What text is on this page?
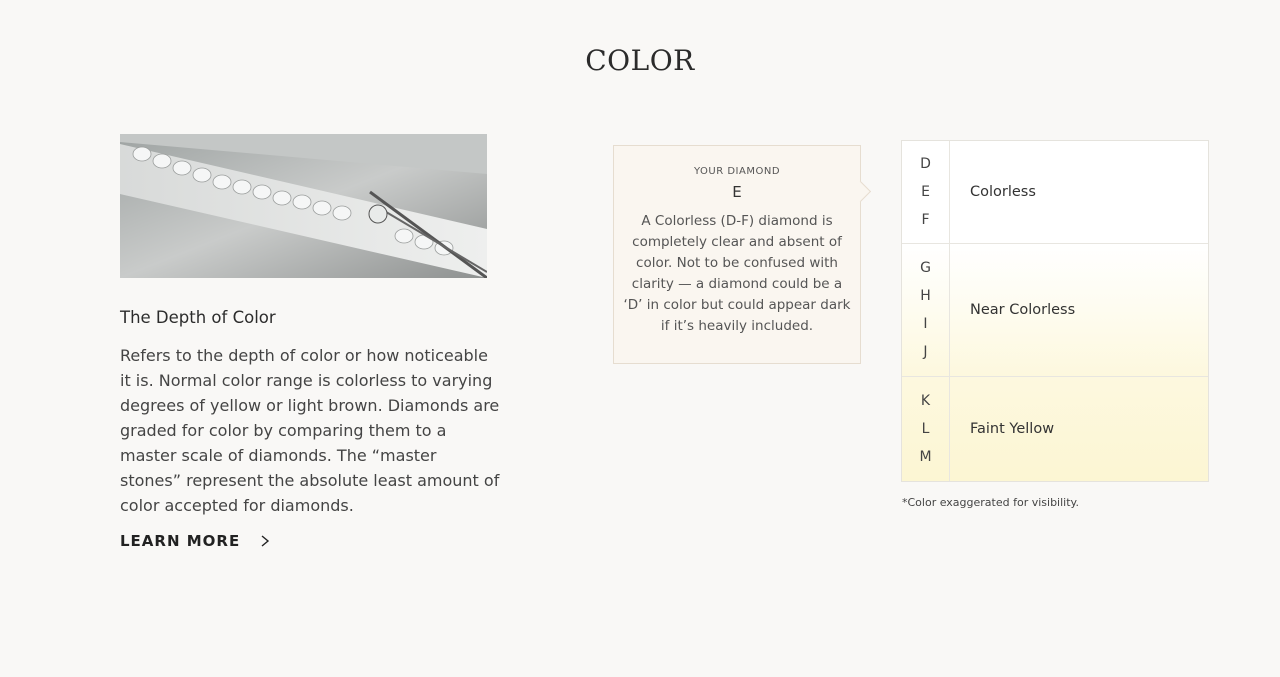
COLOR
The Depth of Color
Refers to the depth of color or how noticeable it is. Normal color range is colorless to varying degrees of yellow or light brown. Diamonds are graded for color by comparing them to a master scale of diamonds. The “master stones” represent the absolute least amount of color accepted for diamonds.
LEARN MORE
YOUR DIAMOND
E
A Colorless (D-F) diamond is completely clear and absent of color. Not to be confused with clarity — a diamond could be a ‘D’ in color but could appear dark if it’s heavily included.
D
E
F
Colorless
G
H
I
J
Near Colorless
K
L
M
Faint Yellow
*Color exaggerated for visibility.
